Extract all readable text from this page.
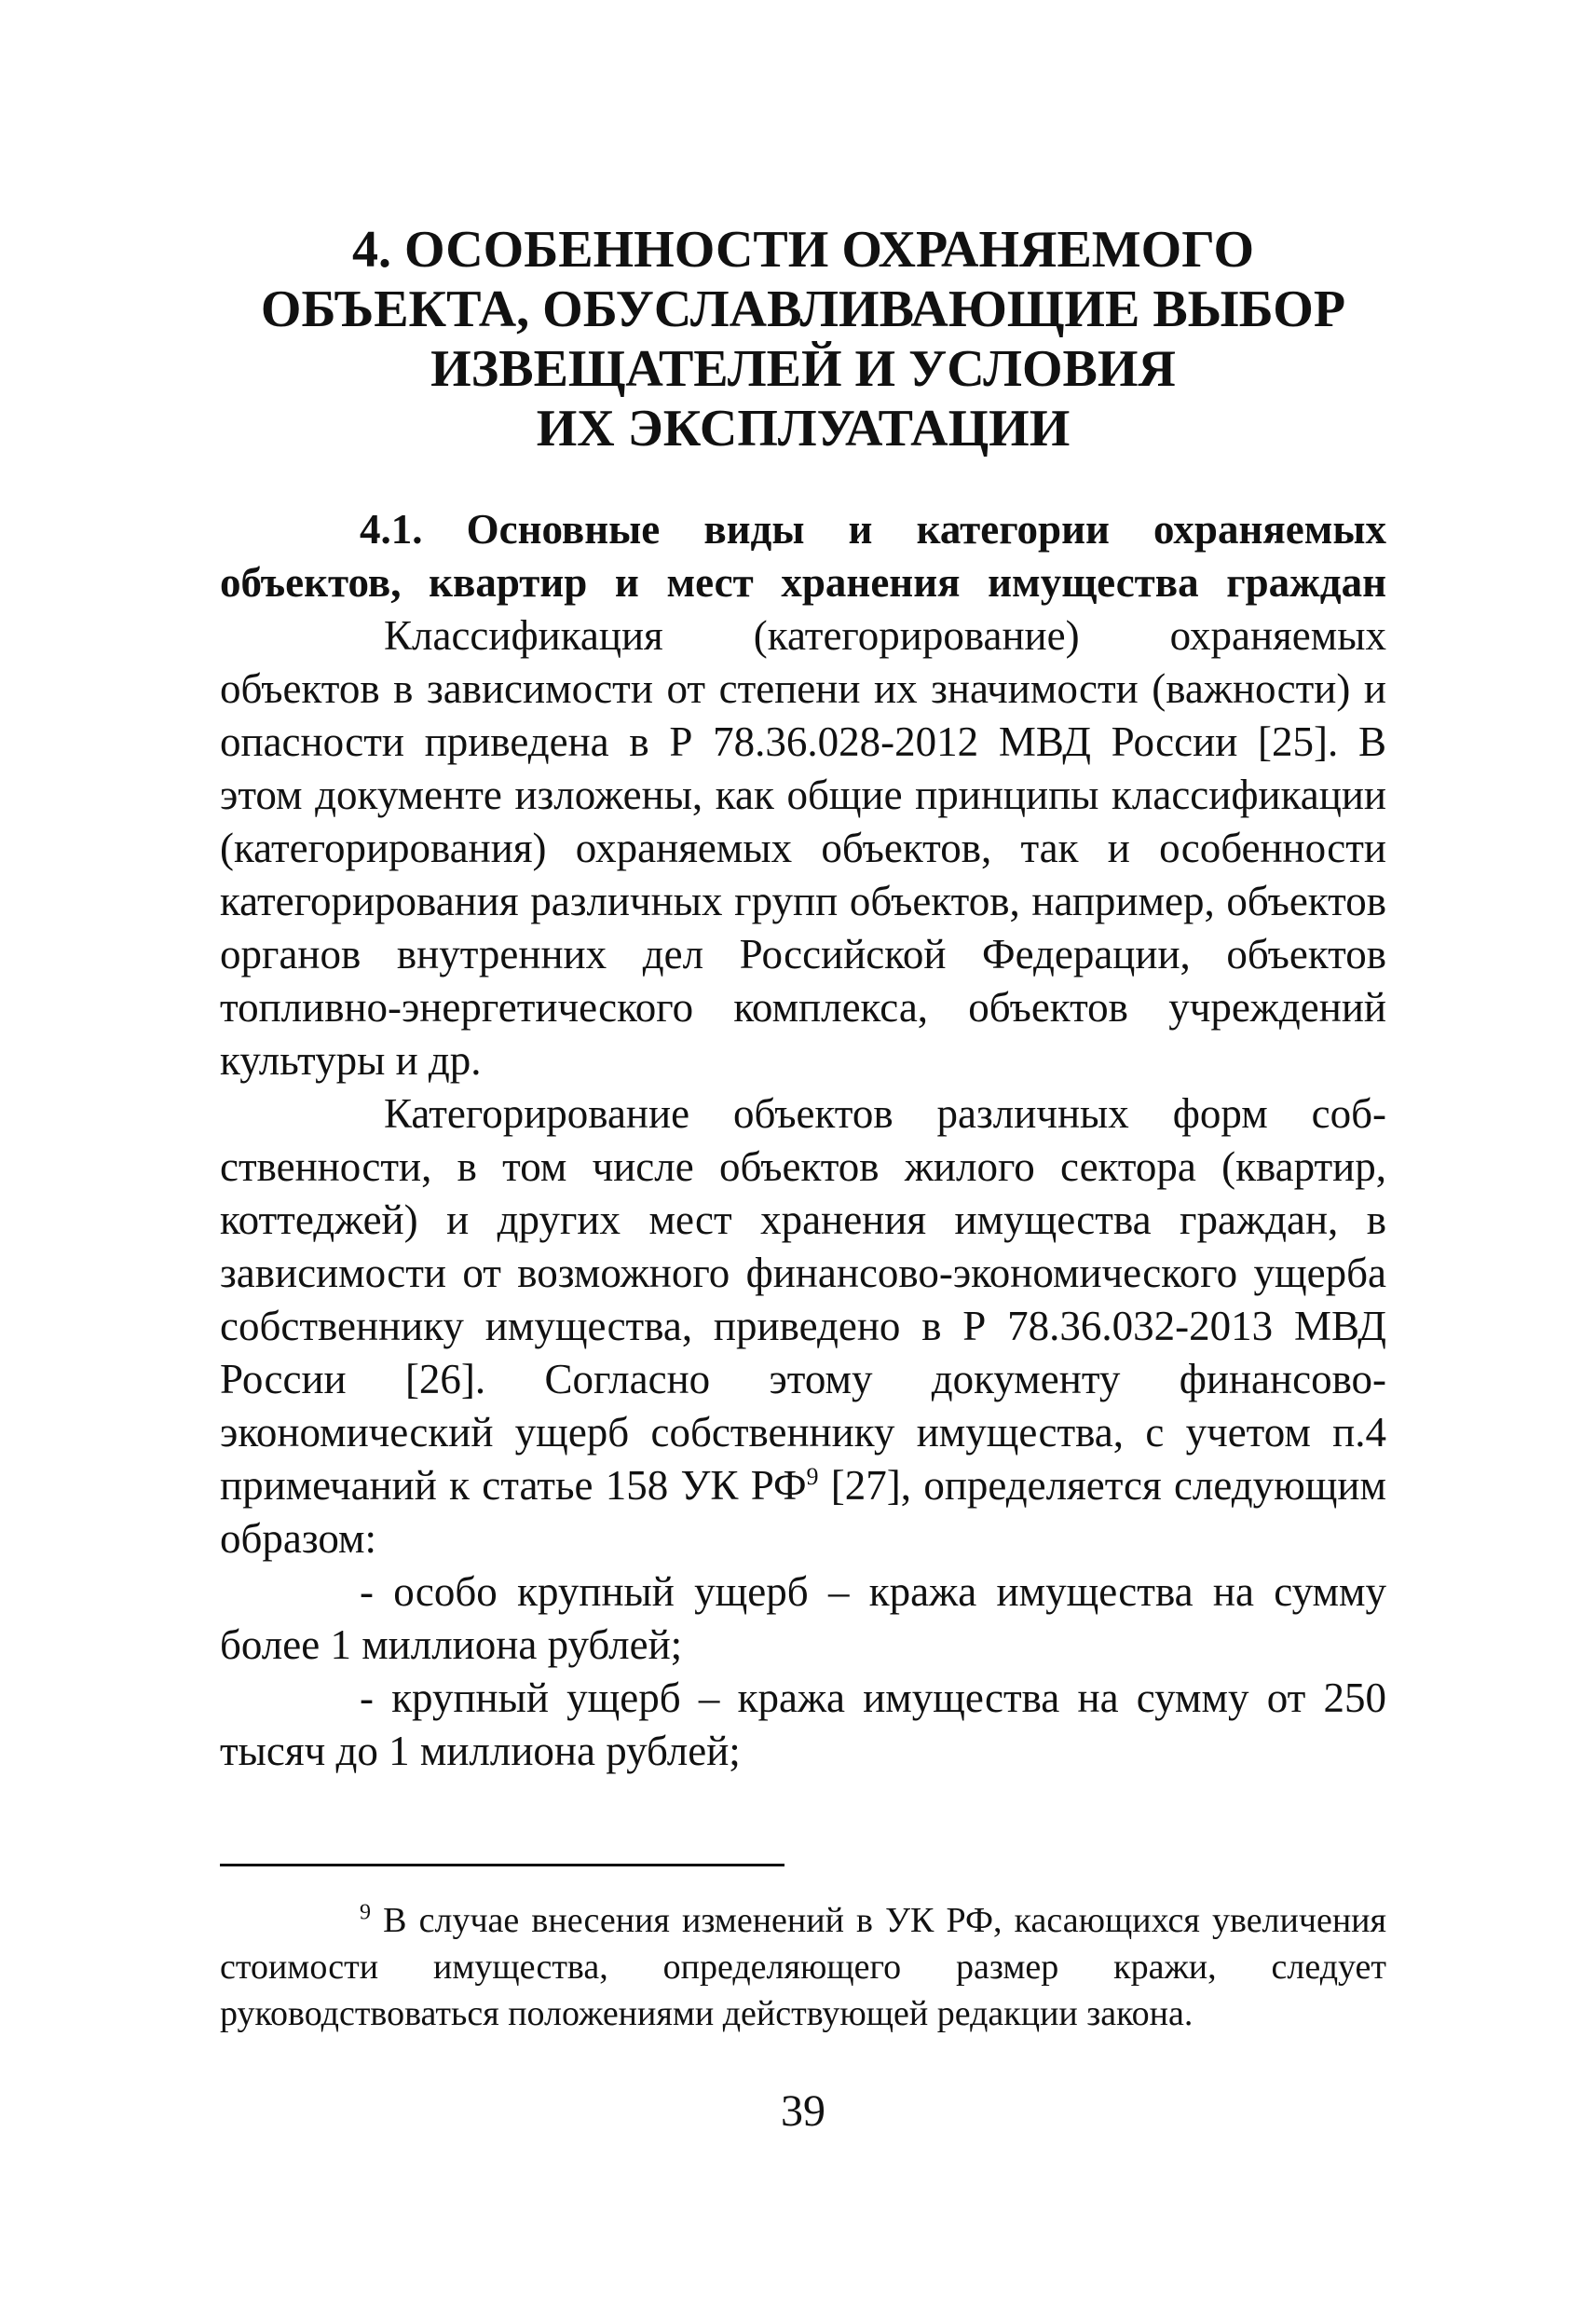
4. ОСОБЕННОСТИ ОХРАНЯЕМОГО
ОБЪЕКТА, ОБУСЛАВЛИВАЮЩИЕ ВЫБОР
ИЗВЕЩАТЕЛЕЙ И УСЛОВИЯ
ИХ ЭКСПЛУАТАЦИИ
4.1. Основные виды и категории охраняемых
объектов, квартир и мест хранения имущества граждан

Классификация (категорирование) охраняемых объектов в зависимости от степени их значимости (важности) и опасности приведена в Р 78.36.028-2012 МВД России [25]. В этом документе изложены, как общие принципы классификации (категорирования) охраняемых объектов, так и особенности категорирования различных групп объектов, например, объектов органов внутренних дел Российской Федерации, объектов топливно-энергетического комплекса, объектов учреждений культуры и др.

Категорирование объектов различных форм собственности, в том числе объектов жилого сектора (квартир, коттеджей) и других мест хранения имущества граждан, в зависимости от возможного финансово-экономического ущерба собственнику имущества, приведено в Р 78.36.032-2013 МВД России [26]. Согласно этому документу финансово-экономический ущерб собственнику имущества, с учетом п.4 примечаний к статье 158 УК РФ$^9$ [27], определяется следующим образом:

- особо крупный ущерб – кража имущества на сумму более 1 миллиона рублей;

- крупный ущерб – кража имущества на сумму от 250 тысяч до 1 миллиона рублей;

$^9$ В случае внесения изменений в УК РФ, касающихся увеличения стоимости имущества, определяющего размер кражи, следует руководствоваться положениями действующей редакции закона.

39
